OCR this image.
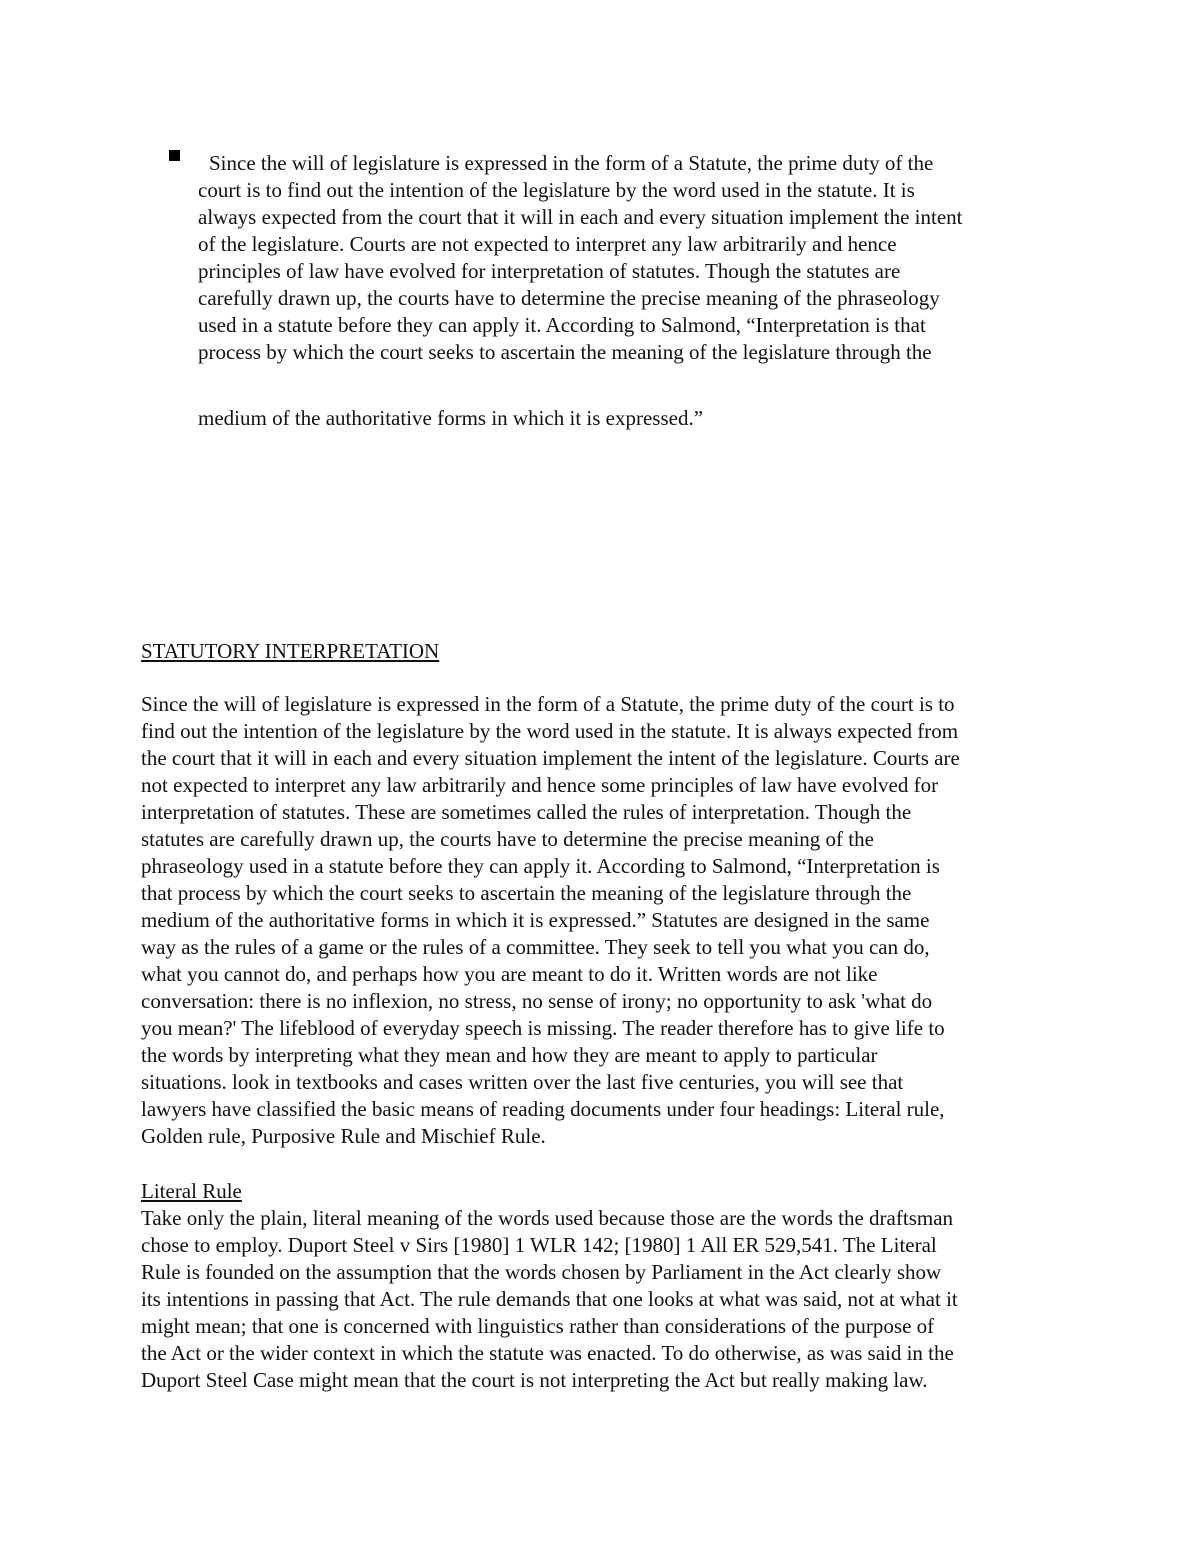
Since the will of legislature is expressed in the form of a Statute, the prime duty of the
court is to find out the intention of the legislature by the word used in the statute. It is
always expected from the court that it will in each and every situation implement the intent
of the legislature. Courts are not expected to interpret any law arbitrarily and hence
principles of law have evolved for interpretation of statutes. Though the statutes are
carefully drawn up, the courts have to determine the precise meaning of the phraseology
used in a statute before they can apply it. According to Salmond, “Interpretation is that
process by which the court seeks to ascertain the meaning of the legislature through the
medium of the authoritative forms in which it is expressed.”
STATUTORY INTERPRETATION
Since the will of legislature is expressed in the form of a Statute, the prime duty of the court is to
find out the intention of the legislature by the word used in the statute. It is always expected from
the court that it will in each and every situation implement the intent of the legislature. Courts are
not expected to interpret any law arbitrarily and hence some principles of law have evolved for
interpretation of statutes. These are sometimes called the rules of interpretation. Though the
statutes are carefully drawn up, the courts have to determine the precise meaning of the
phraseology used in a statute before they can apply it. According to Salmond, “Interpretation is
that process by which the court seeks to ascertain the meaning of the legislature through the
medium of the authoritative forms in which it is expressed.” Statutes are designed in the same
way as the rules of a game or the rules of a committee. They seek to tell you what you can do,
what you cannot do, and perhaps how you are meant to do it. Written words are not like
conversation: there is no inflexion, no stress, no sense of irony; no opportunity to ask 'what do
you mean?' The lifeblood of everyday speech is missing. The reader therefore has to give life to
the words by interpreting what they mean and how they are meant to apply to particular
situations. look in textbooks and cases written over the last five centuries, you will see that
lawyers have classified the basic means of reading documents under four headings: Literal rule,
Golden rule, Purposive Rule and Mischief Rule.
Literal Rule
Take only the plain, literal meaning of the words used because those are the words the draftsman
chose to employ. Duport Steel v Sirs [1980] 1 WLR 142; [1980] 1 All ER 529,541. The Literal
Rule is founded on the assumption that the words chosen by Parliament in the Act clearly show
its intentions in passing that Act. The rule demands that one looks at what was said, not at what it
might mean; that one is concerned with linguistics rather than considerations of the purpose of
the Act or the wider context in which the statute was enacted. To do otherwise, as was said in the
Duport Steel Case might mean that the court is not interpreting the Act but really making law.
